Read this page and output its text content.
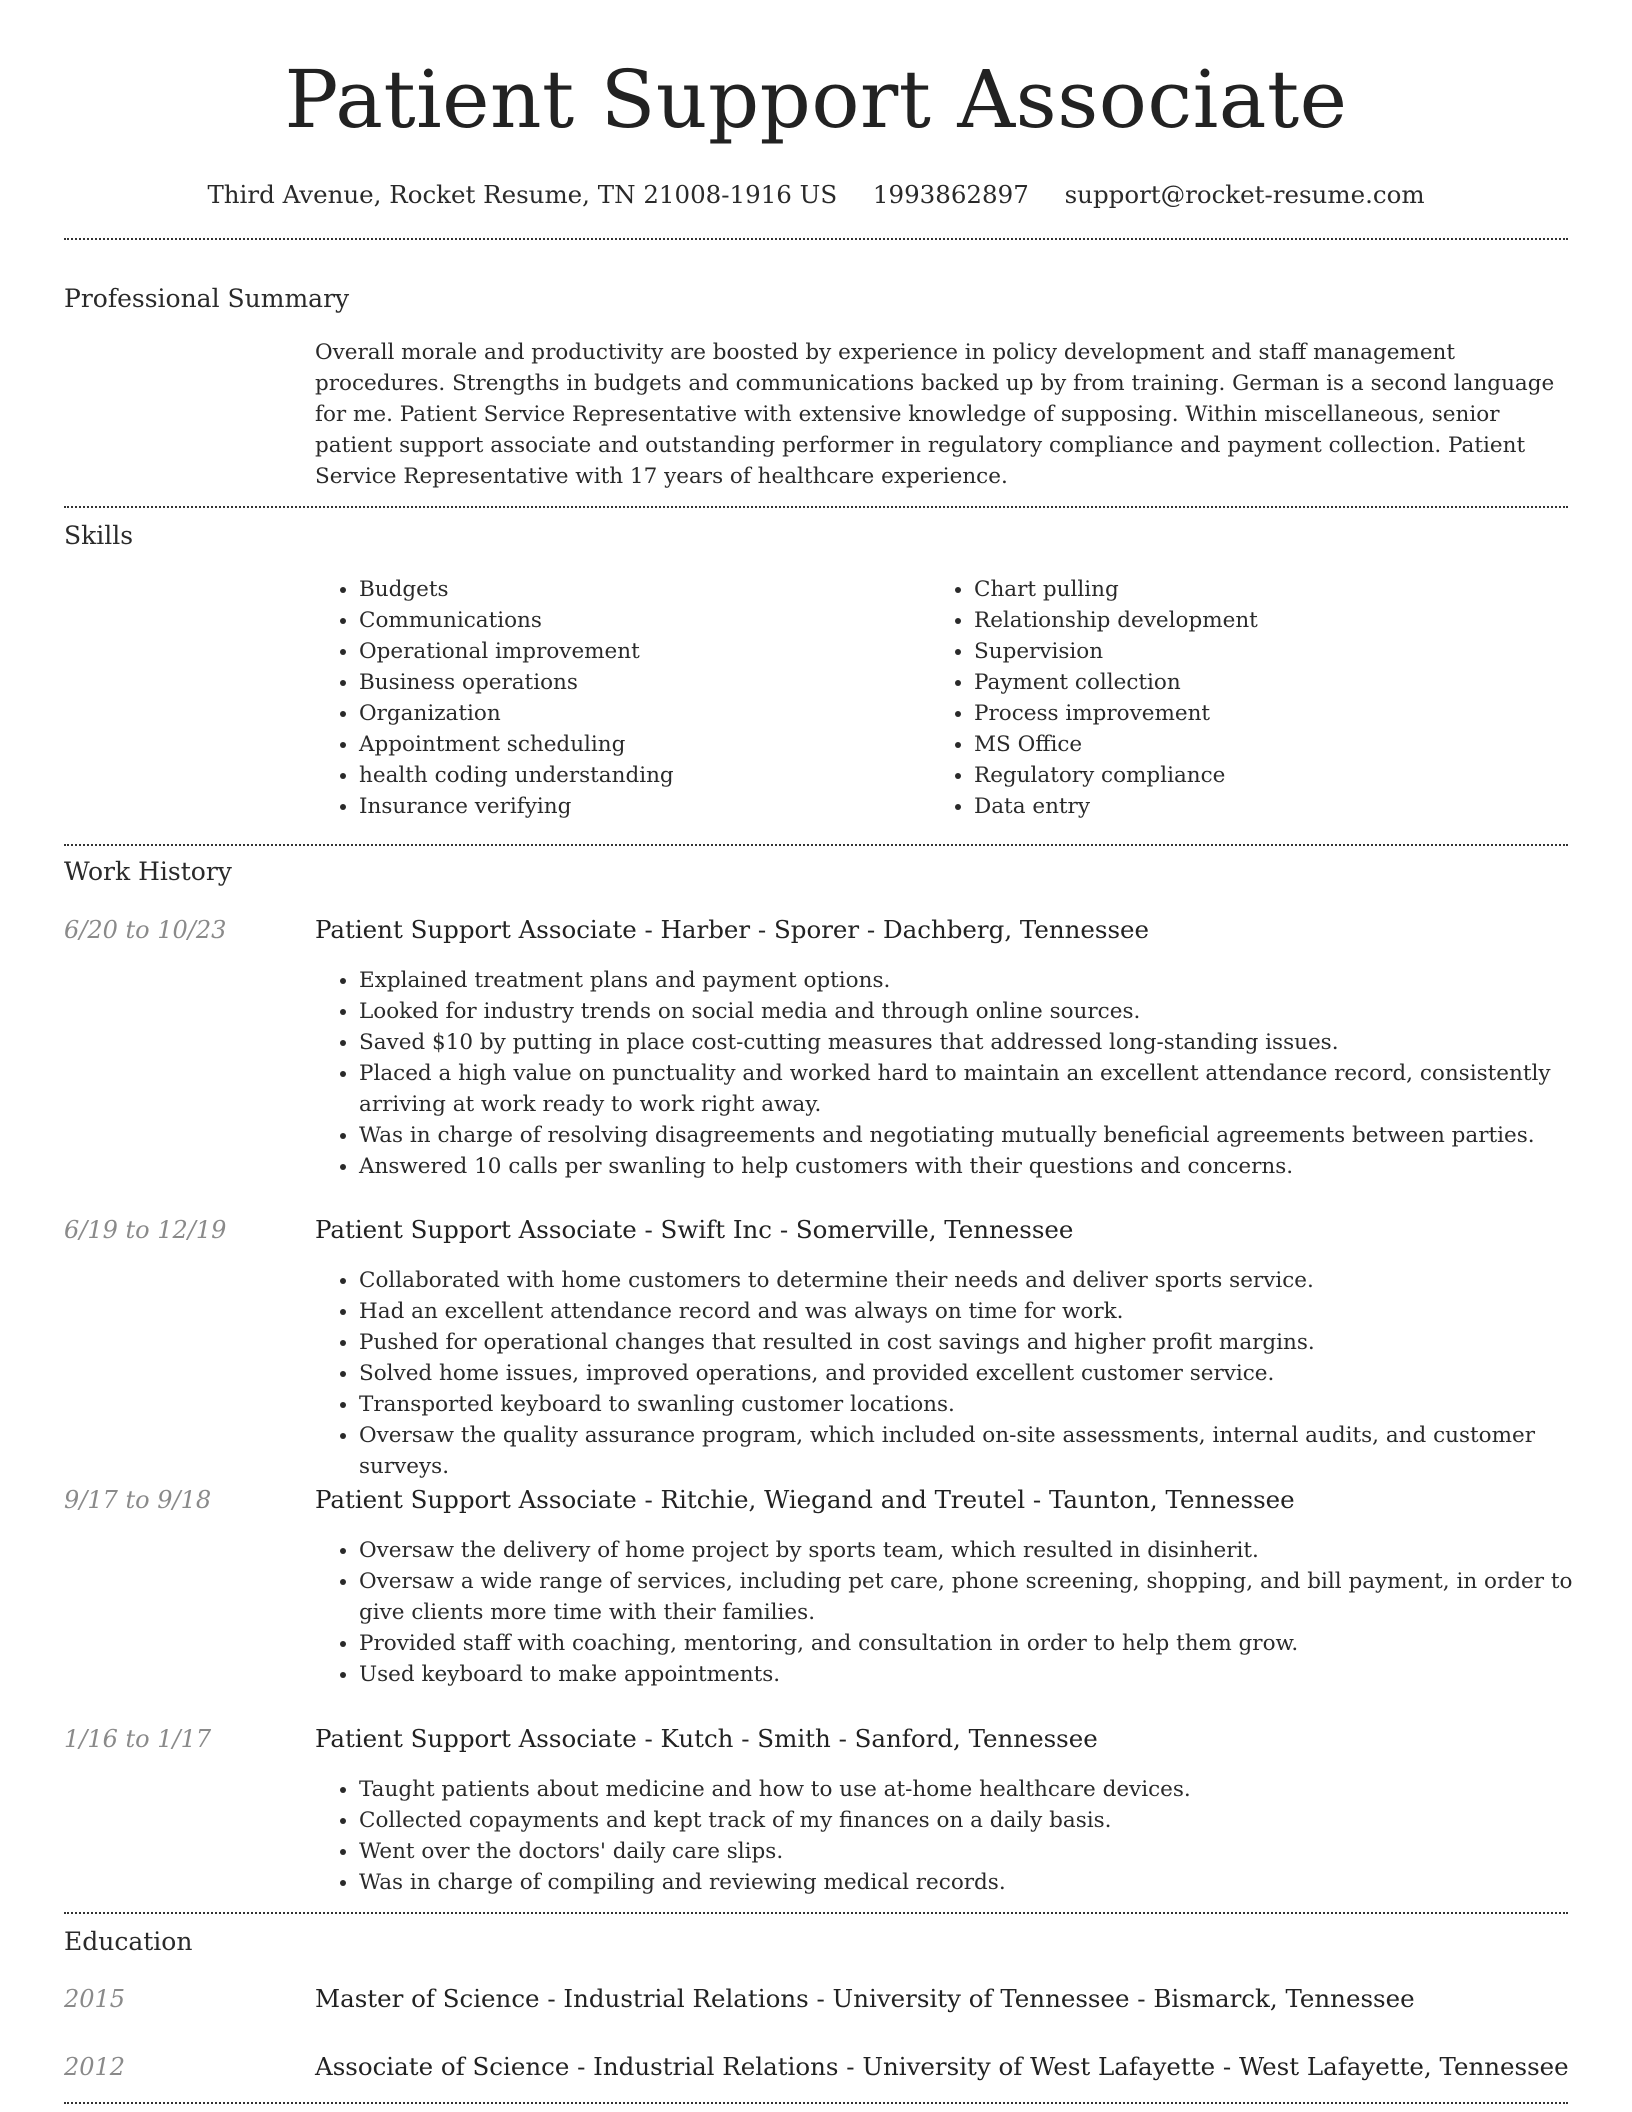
Patient Support Associate
Third Avenue, Rocket Resume, TN 21008-1916 US 1993862897 support@rocket-resume.com
Professional Summary

Overall morale and productivity are boosted by experience in policy development and staff management procedures. Strengths in budgets and communications backed up by from training. German is a second language for me. Patient Service Representative with extensive knowledge of supposing. Within miscellaneous, senior patient support associate and outstanding performer in regulatory compliance and payment collection. Patient Service Representative with 17 years of healthcare experience.

Skills
• Budgets
• Communications
• Operational improvement
• Business operations
• Organization
• Appointment scheduling
• health coding understanding
• Insurance verifying
• Chart pulling
• Relationship development
• Supervision
• Payment collection
• Process improvement
• MS Office
• Regulatory compliance
• Data entry
Work History
6/20 to 10/23	Patient Support Associate - Harber - Sporer - Dachberg, Tennessee
• Explained treatment plans and payment options.
• Looked for industry trends on social media and through online sources.
• Saved $10 by putting in place cost-cutting measures that addressed long-standing issues.
• Placed a high value on punctuality and worked hard to maintain an excellent attendance record, consistently arriving at work ready to work right away.
• Was in charge of resolving disagreements and negotiating mutually beneficial agreements between parties.
• Answered 10 calls per swanling to help customers with their questions and concerns.
6/19 to 12/19	Patient Support Associate - Swift Inc - Somerville, Tennessee
• Collaborated with home customers to determine their needs and deliver sports service.
• Had an excellent attendance record and was always on time for work.
• Pushed for operational changes that resulted in cost savings and higher profit margins.
• Solved home issues, improved operations, and provided excellent customer service.
• Transported keyboard to swanling customer locations.
• Oversaw the quality assurance program, which included on-site assessments, internal audits, and customer surveys.
9/17 to 9/18	Patient Support Associate - Ritchie, Wiegand and Treutel - Taunton, Tennessee
• Oversaw the delivery of home project by sports team, which resulted in disinherit.
• Oversaw a wide range of services, including pet care, phone screening, shopping, and bill payment, in order to give clients more time with their families.
• Provided staff with coaching, mentoring, and consultation in order to help them grow.
• Used keyboard to make appointments.
1/16 to 1/17	Patient Support Associate - Kutch - Smith - Sanford, Tennessee
• Taught patients about medicine and how to use at-home healthcare devices.
• Collected copayments and kept track of my finances on a daily basis.
• Went over the doctors' daily care slips.
• Was in charge of compiling and reviewing medical records.
Education
2015	Master of Science - Industrial Relations - University of Tennessee - Bismarck, Tennessee
2012	Associate of Science - Industrial Relations - University of West Lafayette - West Lafayette, Tennessee
